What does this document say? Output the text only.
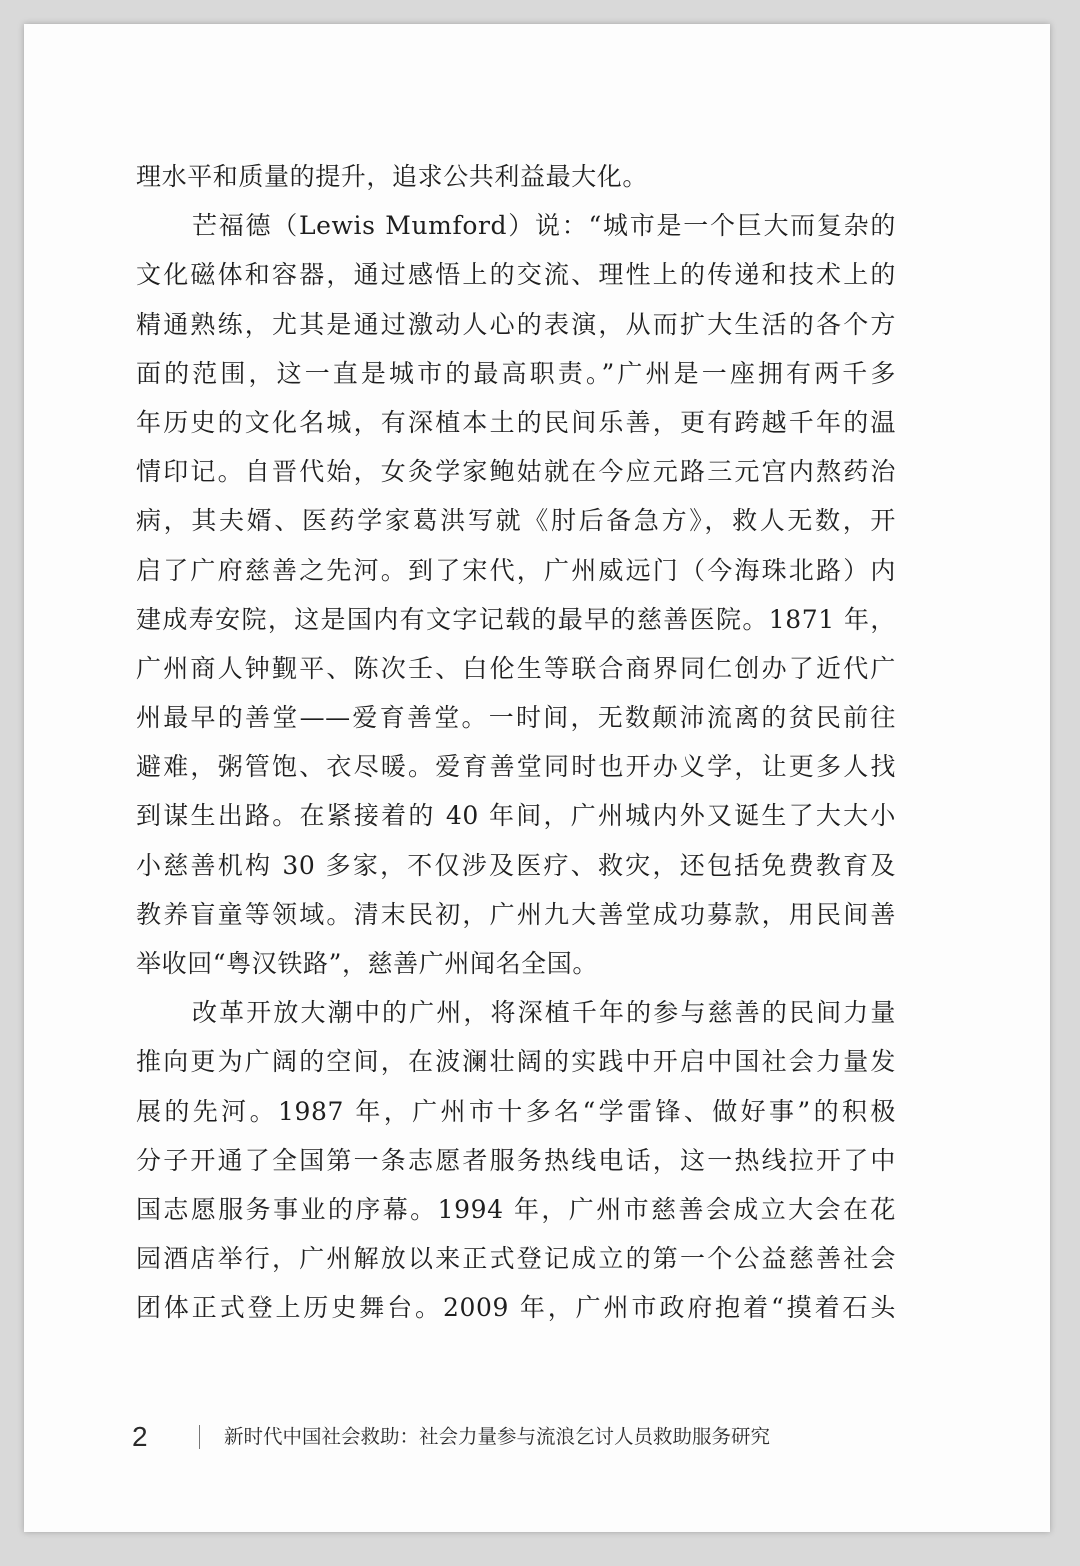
理水平和质量的提升，追求公共利益最大化。
芒福德（Lewis Mumford）说：“城市是一个巨大而复杂的
文化磁体和容器，通过感悟上的交流、理性上的传递和技术上的
精通熟练，尤其是通过激动人心的表演，从而扩大生活的各个方
面的范围，这一直是城市的最高职责。”广州是一座拥有两千多
年历史的文化名城，有深植本土的民间乐善，更有跨越千年的温
情印记。自晋代始，女灸学家鲍姑就在今应元路三元宫内熬药治
病，其夫婿、医药学家葛洪写就《肘后备急方》，救人无数，开
启了广府慈善之先河。到了宋代，广州威远门（今海珠北路）内
建成寿安院，这是国内有文字记载的最早的慈善医院。1871 年，
广州商人钟觐平、陈次壬、白伦生等联合商界同仁创办了近代广
州最早的善堂——爱育善堂。一时间，无数颠沛流离的贫民前往
避难，粥管饱、衣尽暖。爱育善堂同时也开办义学，让更多人找
到谋生出路。在紧接着的 40 年间，广州城内外又诞生了大大小
小慈善机构 30 多家，不仅涉及医疗、救灾，还包括免费教育及
教养盲童等领域。清末民初，广州九大善堂成功募款，用民间善
举收回“粤汉铁路”，慈善广州闻名全国。
改革开放大潮中的广州，将深植千年的参与慈善的民间力量
推向更为广阔的空间，在波澜壮阔的实践中开启中国社会力量发
展的先河。1987 年，广州市十多名“学雷锋、做好事”的积极
分子开通了全国第一条志愿者服务热线电话，这一热线拉开了中
国志愿服务事业的序幕。1994 年，广州市慈善会成立大会在花
园酒店举行，广州解放以来正式登记成立的第一个公益慈善社会
团体正式登上历史舞台。2009 年，广州市政府抱着“摸着石头
2	新时代中国社会救助：社会力量参与流浪乞讨人员救助服务研究
